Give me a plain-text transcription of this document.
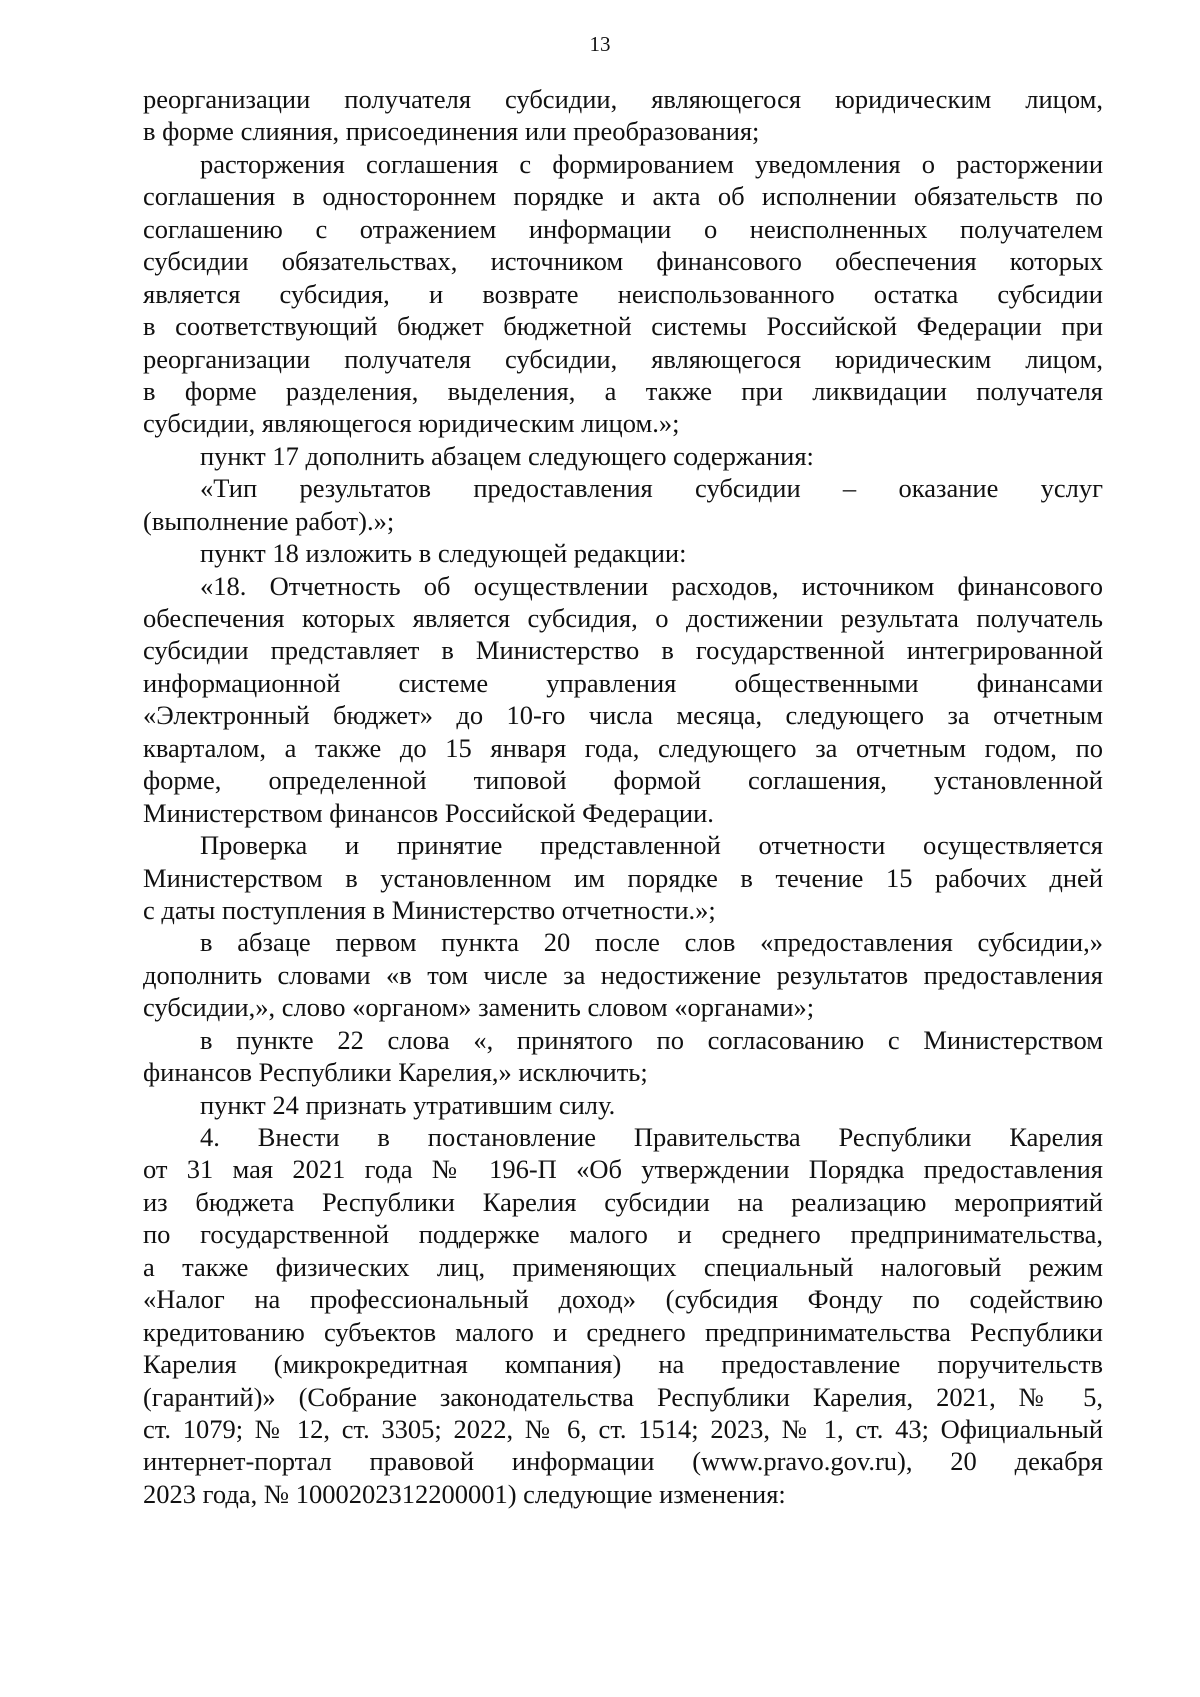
13
реорганизации получателя субсидии, являющегося юридическим лицом,
в форме слияния, присоединения или преобразования;
расторжения соглашения с формированием уведомления о расторжении
соглашения в одностороннем порядке и акта об исполнении обязательств по
соглашению с отражением информации о неисполненных получателем
субсидии обязательствах, источником финансового обеспечения которых
является субсидия, и возврате неиспользованного остатка субсидии
в соответствующий бюджет бюджетной системы Российской Федерации при
реорганизации получателя субсидии, являющегося юридическим лицом,
в форме разделения, выделения, а также при ликвидации получателя
субсидии, являющегося юридическим лицом.»;
пункт 17 дополнить абзацем следующего содержания:
«Тип результатов предоставления субсидии – оказание услуг
(выполнение работ).»;
пункт 18 изложить в следующей редакции:
«18. Отчетность об осуществлении расходов, источником финансового
обеспечения которых является субсидия, о достижении результата получатель
субсидии представляет в Министерство в государственной интегрированной
информационной системе управления общественными финансами
«Электронный бюджет» до 10-го числа месяца, следующего за отчетным
кварталом, а также до 15 января года, следующего за отчетным годом, по
форме, определенной типовой формой соглашения, установленной
Министерством финансов Российской Федерации.
Проверка и принятие представленной отчетности осуществляется
Министерством в установленном им порядке в течение 15 рабочих дней
с даты поступления в Министерство отчетности.»;
в абзаце первом пункта 20 после слов «предоставления субсидии,»
дополнить словами «в том числе за недостижение результатов предоставления
субсидии,», слово «органом» заменить словом «органами»;
в пункте 22 слова «, принятого по согласованию с Министерством
финансов Республики Карелия,» исключить;
пункт 24 признать утратившим силу.
4. Внести в постановление Правительства Республики Карелия
от 31 мая 2021 года № 196-П «Об утверждении Порядка предоставления
из бюджета Республики Карелия субсидии на реализацию мероприятий
по государственной поддержке малого и среднего предпринимательства,
а также физических лиц, применяющих специальный налоговый режим
«Налог на профессиональный доход» (субсидия Фонду по содействию
кредитованию субъектов малого и среднего предпринимательства Республики
Карелия (микрокредитная компания) на предоставление поручительств
(гарантий)» (Собрание законодательства Республики Карелия, 2021, № 5,
ст. 1079; № 12, ст. 3305; 2022, № 6, ст. 1514; 2023, № 1, ст. 43; Официальный
интернет-портал правовой информации (www.pravo.gov.ru), 20 декабря
2023 года, № 1000202312200001) следующие изменения:
